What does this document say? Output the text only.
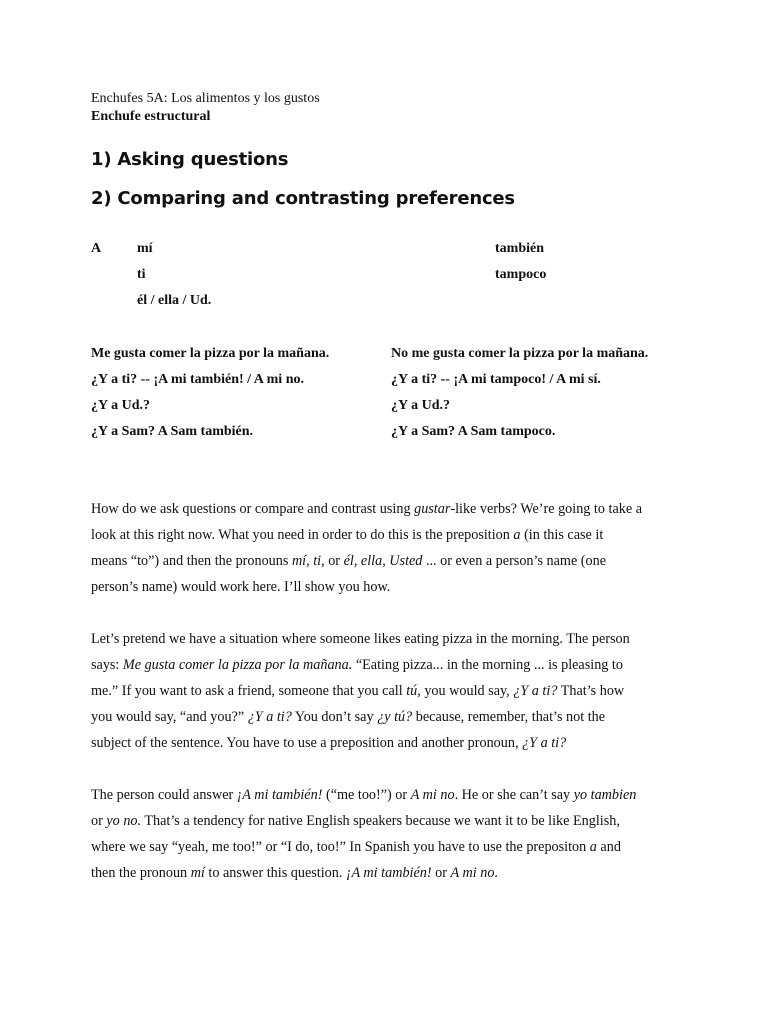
Enchufes 5A: Los alimentos y los gustos
Enchufe estructural
1) Asking questions
2) Comparing and contrasting preferences
A	mí
ti
él / ella / Ud.
también
tampoco
Me gusta comer la pizza por la mañana.
¿Y a ti? -- ¡A mi también! / A mi no.
¿Y a Ud.?
¿Y a Sam? A Sam también.
No me gusta comer la pizza por la mañana.
¿Y a ti? -- ¡A mi tampoco! / A mi sí.
¿Y a Ud.?
¿Y a Sam? A Sam tampoco.
How do we ask questions or compare and contrast using gustar-like verbs? We’re going to take a
look at this right now. What you need in order to do this is the preposition a (in this case it
means “to”) and then the pronouns mí, ti, or él, ella, Usted ... or even a person’s name (one
person’s name) would work here. I’ll show you how.
Let’s pretend we have a situation where someone likes eating pizza in the morning. The person
says: Me gusta comer la pizza por la mañana. “Eating pizza... in the morning ... is pleasing to
me.” If you want to ask a friend, someone that you call tú, you would say, ¿Y a ti? That’s how
you would say, “and you?” ¿Y a ti? You don’t say ¿y tú? because, remember, that’s not the
subject of the sentence. You have to use a preposition and another pronoun, ¿Y a ti?
The person could answer ¡A mi también! (“me too!”) or A mi no. He or she can’t say yo tambien
or yo no. That’s a tendency for native English speakers because we want it to be like English,
where we say “yeah, me too!” or “I do, too!” In Spanish you have to use the prepositon a and
then the pronoun mí to answer this question. ¡A mi también! or A mi no.
